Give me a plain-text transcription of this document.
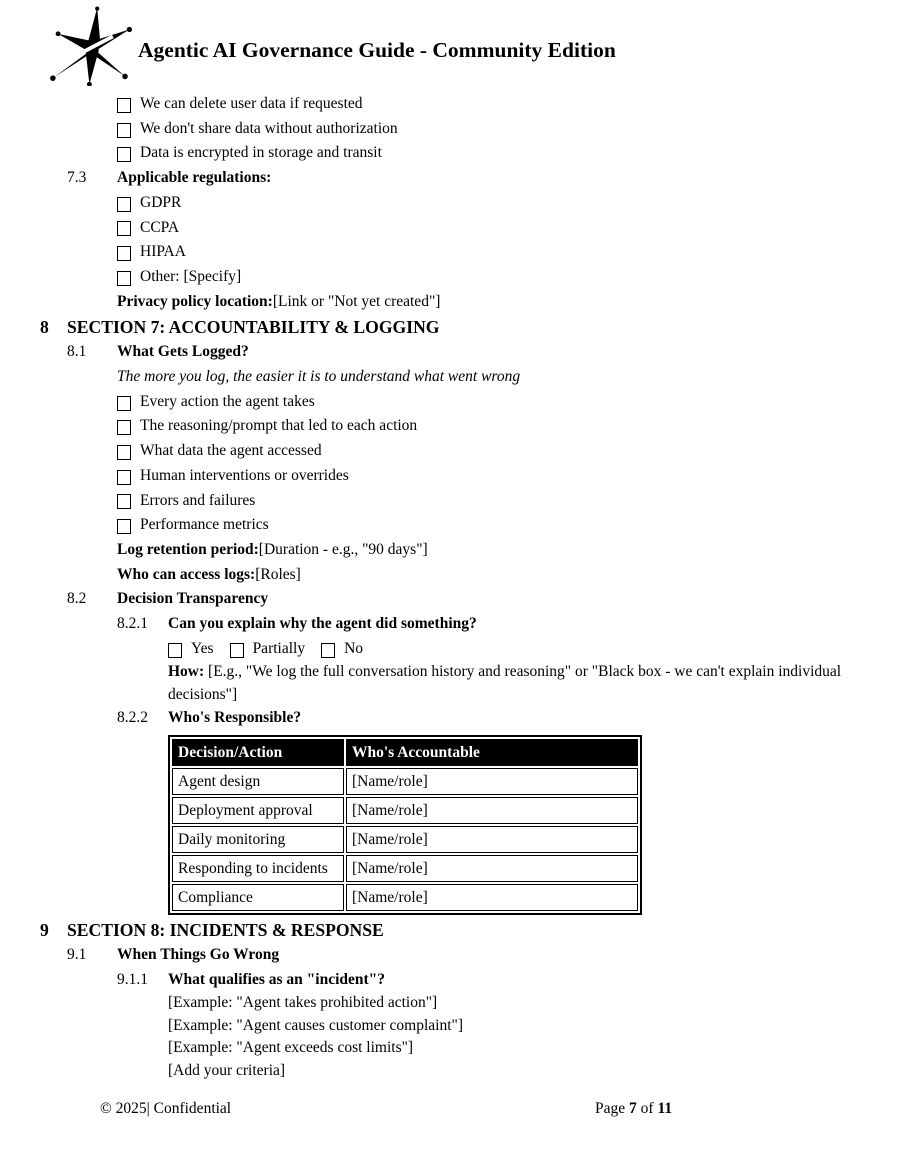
Agentic AI Governance Guide - Community Edition
We can delete user data if requested
We don't share data without authorization
Data is encrypted in storage and transit
7.3	Applicable regulations:
GDPR
CCPA
HIPAA
Other: [Specify]
Privacy policy location: [Link or "Not yet created"]
8	SECTION 7: ACCOUNTABILITY & LOGGING
8.1	What Gets Logged?
The more you log, the easier it is to understand what went wrong
Every action the agent takes
The reasoning/prompt that led to each action
What data the agent accessed
Human interventions or overrides
Errors and failures
Performance metrics
Log retention period: [Duration - e.g., "90 days"]
Who can access logs: [Roles]
8.2	Decision Transparency
8.2.1	Can you explain why the agent did something?
Yes	Partially	No
How: [E.g., "We log the full conversation history and reasoning" or "Black box - we can't explain individual decisions"]
8.2.2	Who's Responsible?
Decision/Action	Who's Accountable
Agent design	[Name/role]
Deployment approval	[Name/role]
Daily monitoring	[Name/role]
Responding to incidents	[Name/role]
Compliance	[Name/role]
9	SECTION 8: INCIDENTS & RESPONSE
9.1	When Things Go Wrong
9.1.1	What qualifies as an "incident"?
[Example: "Agent takes prohibited action"]
[Example: "Agent causes customer complaint"]
[Example: "Agent exceeds cost limits"]
[Add your criteria]
© 2025| Confidential	Page 7 of 11
